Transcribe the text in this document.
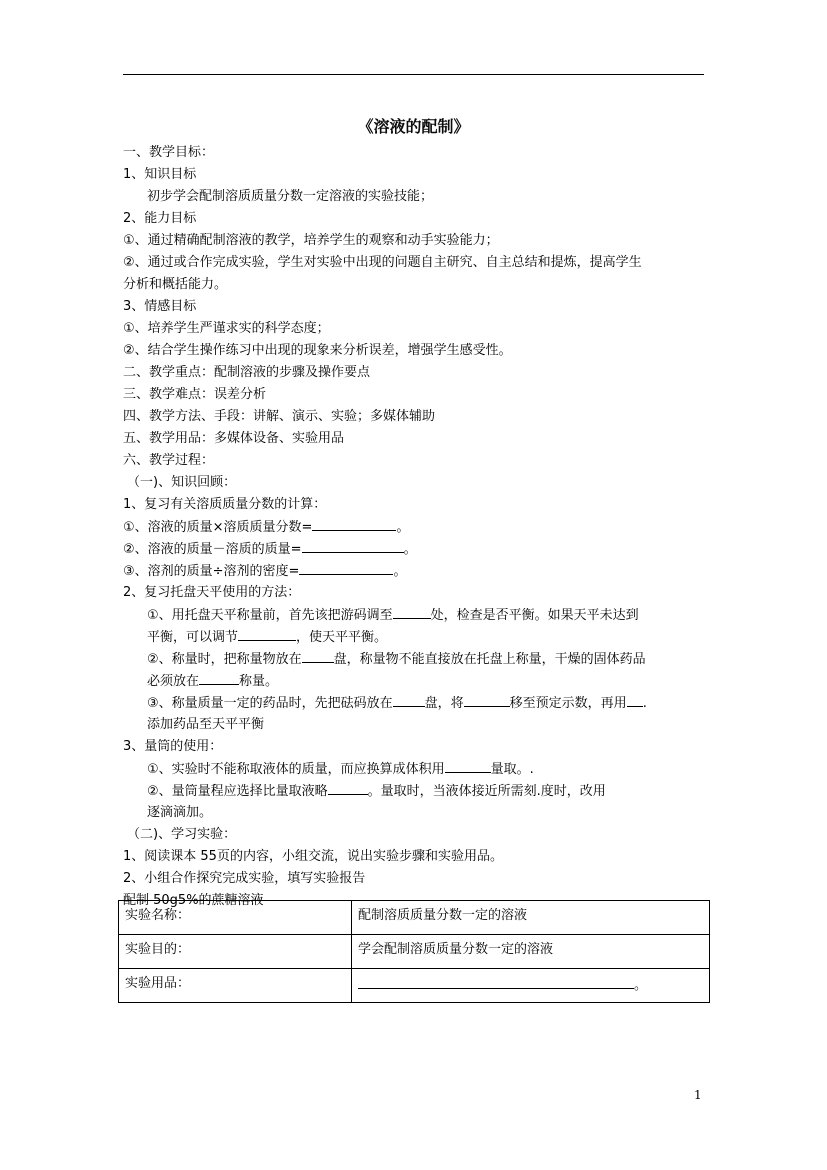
《溶液的配制》
一、教学目标：
1、知识目标
初步学会配制溶质质量分数一定溶液的实验技能；
2、能力目标
①、通过精确配制溶液的教学，培养学生的观察和动手实验能力；
②、通过或合作完成实验，学生对实验中出现的问题自主研究、自主总结和提炼，提高学生
分析和概括能力。
3、情感目标
①、培养学生严谨求实的科学态度；
②、结合学生操作练习中出现的现象来分析误差，增强学生感受性。
二、教学重点：配制溶液的步骤及操作要点
三、教学难点：误差分析
四、教学方法、手段：讲解、演示、实验；多媒体辅助
五、教学用品：多媒体设备、实验用品
六、教学过程：
（一)、知识回顾：
1、复习有关溶质质量分数的计算：
①、溶液的质量×溶质质量分数=	。
②、溶液的质量－溶质的质量=	。
③、溶剂的质量÷溶剂的密度=	。
2、复习托盘天平使用的方法：
①、用托盘天平称量前，首先该把游码调至	处，检查是否平衡。如果天平未达到
平衡，可以调节	，使天平平衡。
②、称量时，把称量物放在 盘，称量物不能直接放在托盘上称量，干燥的固体药品
必须放在	称量。
③、称量质量一定的药品时，先把砝码放在 盘，将	移至预定示数，再用 .
添加药品至天平平衡
3、量筒的使用：
①、实验时不能称取液体的质量，而应换算成体积用	量取。.
②、量筒量程应选择比量取液略	。量取时，当液体接近所需刻.度时，改用
逐滴滴加。
（二)、学习实验：
1、阅读课本 55页的内容，小组交流，说出实验步骤和实验用品。
2、小组合作探究完成实验，填写实验报告
配制 50g5%的蔗糖溶液
实验名称：	配制溶质质量分数一定的溶液
实验目的：	学会配制溶质质量分数一定的溶液
实验用品：	。
1
